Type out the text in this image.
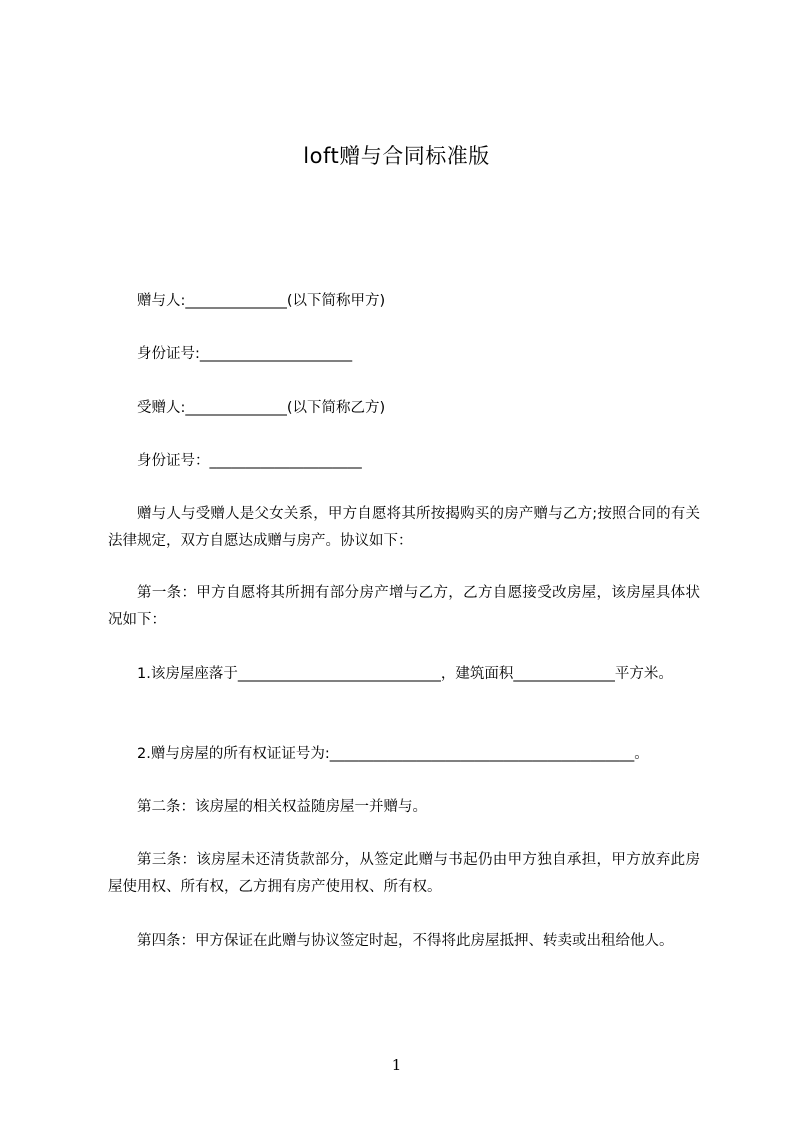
loft赠与合同标准版
赠与人:______________(以下简称甲方)
身份证号:_____________________
受赠人:______________(以下简称乙方)
身份证号：_____________________
赠与人与受赠人是父女关系，甲方自愿将其所按揭购买的房产赠与乙方;按照合同的有关法律规定，双方自愿达成赠与房产。协议如下：
第一条：甲方自愿将其所拥有部分房产增与乙方，乙方自愿接受改房屋，该房屋具体状况如下：
1.该房屋座落于____________________________，建筑面积______________平方米。
2.赠与房屋的所有权证证号为:__________________________________________。
第二条：该房屋的相关权益随房屋一并赠与。
第三条：该房屋未还清货款部分，从签定此赠与书起仍由甲方独自承担，甲方放弃此房屋使用权、所有权，乙方拥有房产使用权、所有权。
第四条：甲方保证在此赠与协议签定时起，不得将此房屋抵押、转卖或出租给他人。
1
